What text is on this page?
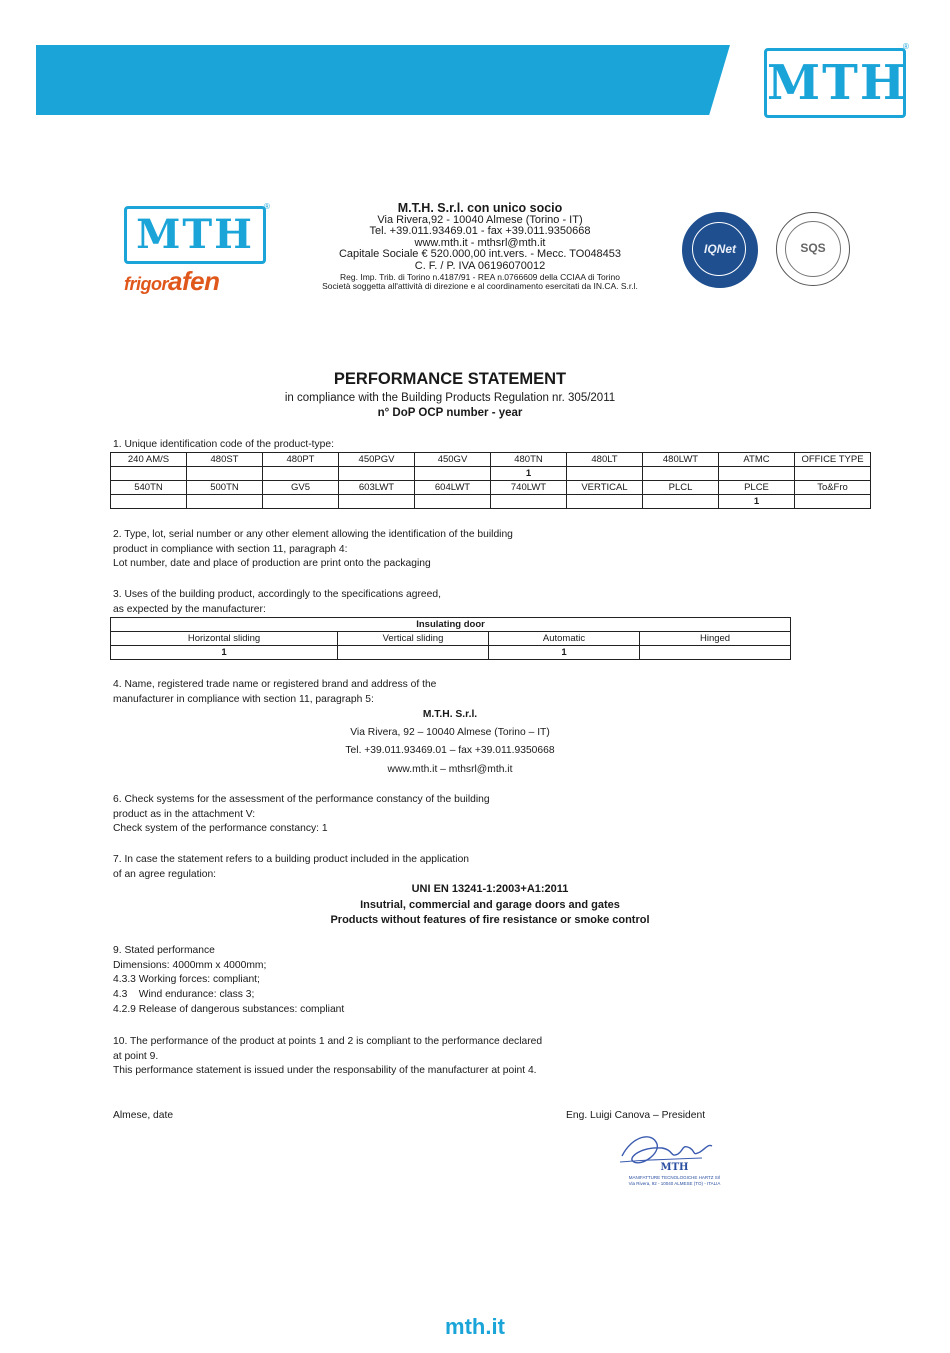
MTH
®
MTH
®
frigorafen
M.T.H. S.r.l. con unico socio
Via Rivera,92 - 10040 Almese (Torino - IT)
Tel. +39.011.93469.01 - fax +39.011.9350668
www.mth.it - mthsrl@mth.it
Capitale Sociale € 520.000,00 int.vers. - Mecc. TO048453
C. F. / P. IVA 06196070012
Reg. Imp. Trib. di Torino n.4187/91 - REA n.0766609 della CCIAA di Torino
Società soggetta all'attività di direzione e al coordinamento esercitati da IN.CA. S.r.l.
IQNet	SQS
PERFORMANCE STATEMENT
in compliance with the Building Products Regulation nr. 305/2011
n° DoP OCP number - year
1. Unique identification code of the product-type:
240 AM/S	480ST	480PT	450PGV	450GV	480TN	480LT	480LWT	ATMC	OFFICE TYPE
					1				
540TN	500TN	GV5	603LWT	604LWT	740LWT	VERTICAL	PLCL	PLCE	To&Fro
								1	
2. Type, lot, serial number or any other element allowing the identification of the building
product in compliance with section 11, paragraph 4:
Lot number, date and place of production are print onto the packaging
3. Uses of the building product, accordingly to the specifications agreed,
as expected by the manufacturer:
Insulating door			
Horizontal sliding	Vertical sliding	Automatic	Hinged
1		1	
4. Name, registered trade name or registered brand and address of the
manufacturer in compliance with section 11, paragraph 5:
M.T.H. S.r.l.
Via Rivera, 92 – 10040 Almese (Torino – IT)
Tel. +39.011.93469.01 – fax +39.011.9350668
www.mth.it – mthsrl@mth.it
6. Check systems for the assessment of the performance constancy of the building
product as in the attachment V:
Check system of the performance constancy: 1
7. In case the statement refers to a building product included in the application
of an agree regulation:
UNI EN 13241-1:2003+A1:2011
Insutrial, commercial and garage doors and gates
Products without features of fire resistance or smoke control
9. Stated performance
Dimensions: 4000mm x 4000mm;
4.3.3 Working forces: compliant;
4.3    Wind endurance: class 3;
4.2.9 Release of dangerous substances: compliant
10. The performance of the product at points 1 and 2 is compliant to the performance declared
at point 9.
This performance statement is issued under the responsability of the manufacturer at point 4.
Almese, date	Eng. Luigi Canova – President
MTH
MANIFATTURE TECNOLOGICHE HARTZ Srl
Via Rivera, 92 - 10040 ALMESE (TO) - ITALIA
mth.it
